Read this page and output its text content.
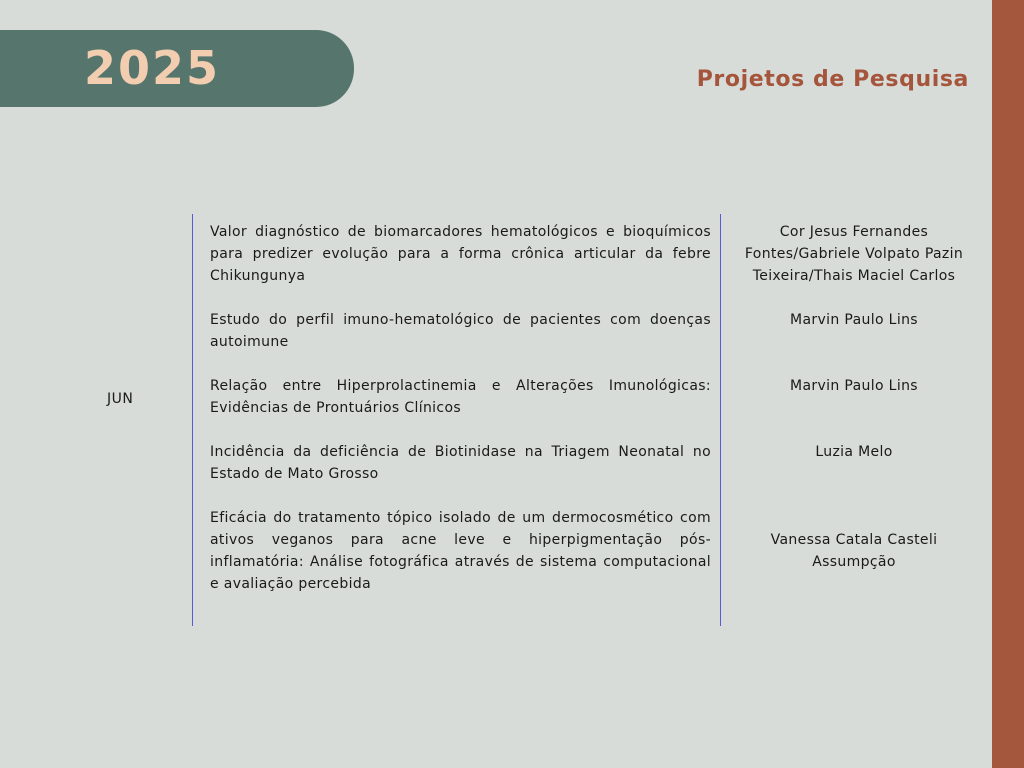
2025	Projetos de Pesquisa
JUN
Valor diagnóstico de biomarcadores hematológicos e bioquímicos para predizer evolução para a forma crônica articular da febre Chikungunya
Estudo do perfil imuno-hematológico de pacientes com doenças autoimune
Relação entre Hiperprolactinemia e Alterações Imunológicas: Evidências de Prontuários Clínicos
Incidência da deficiência de Biotinidase na Triagem Neonatal no Estado de Mato Grosso
Eficácia do tratamento tópico isolado de um dermocosmético com ativos veganos para acne leve e hiperpigmentação pós-inflamatória: Análise fotográfica através de sistema computacional e avaliação percebida
Cor Jesus Fernandes Fontes/Gabriele Volpato Pazin Teixeira/Thais Maciel Carlos
Marvin Paulo Lins
Marvin Paulo Lins
Luzia Melo
Vanessa Catala Casteli Assumpção
